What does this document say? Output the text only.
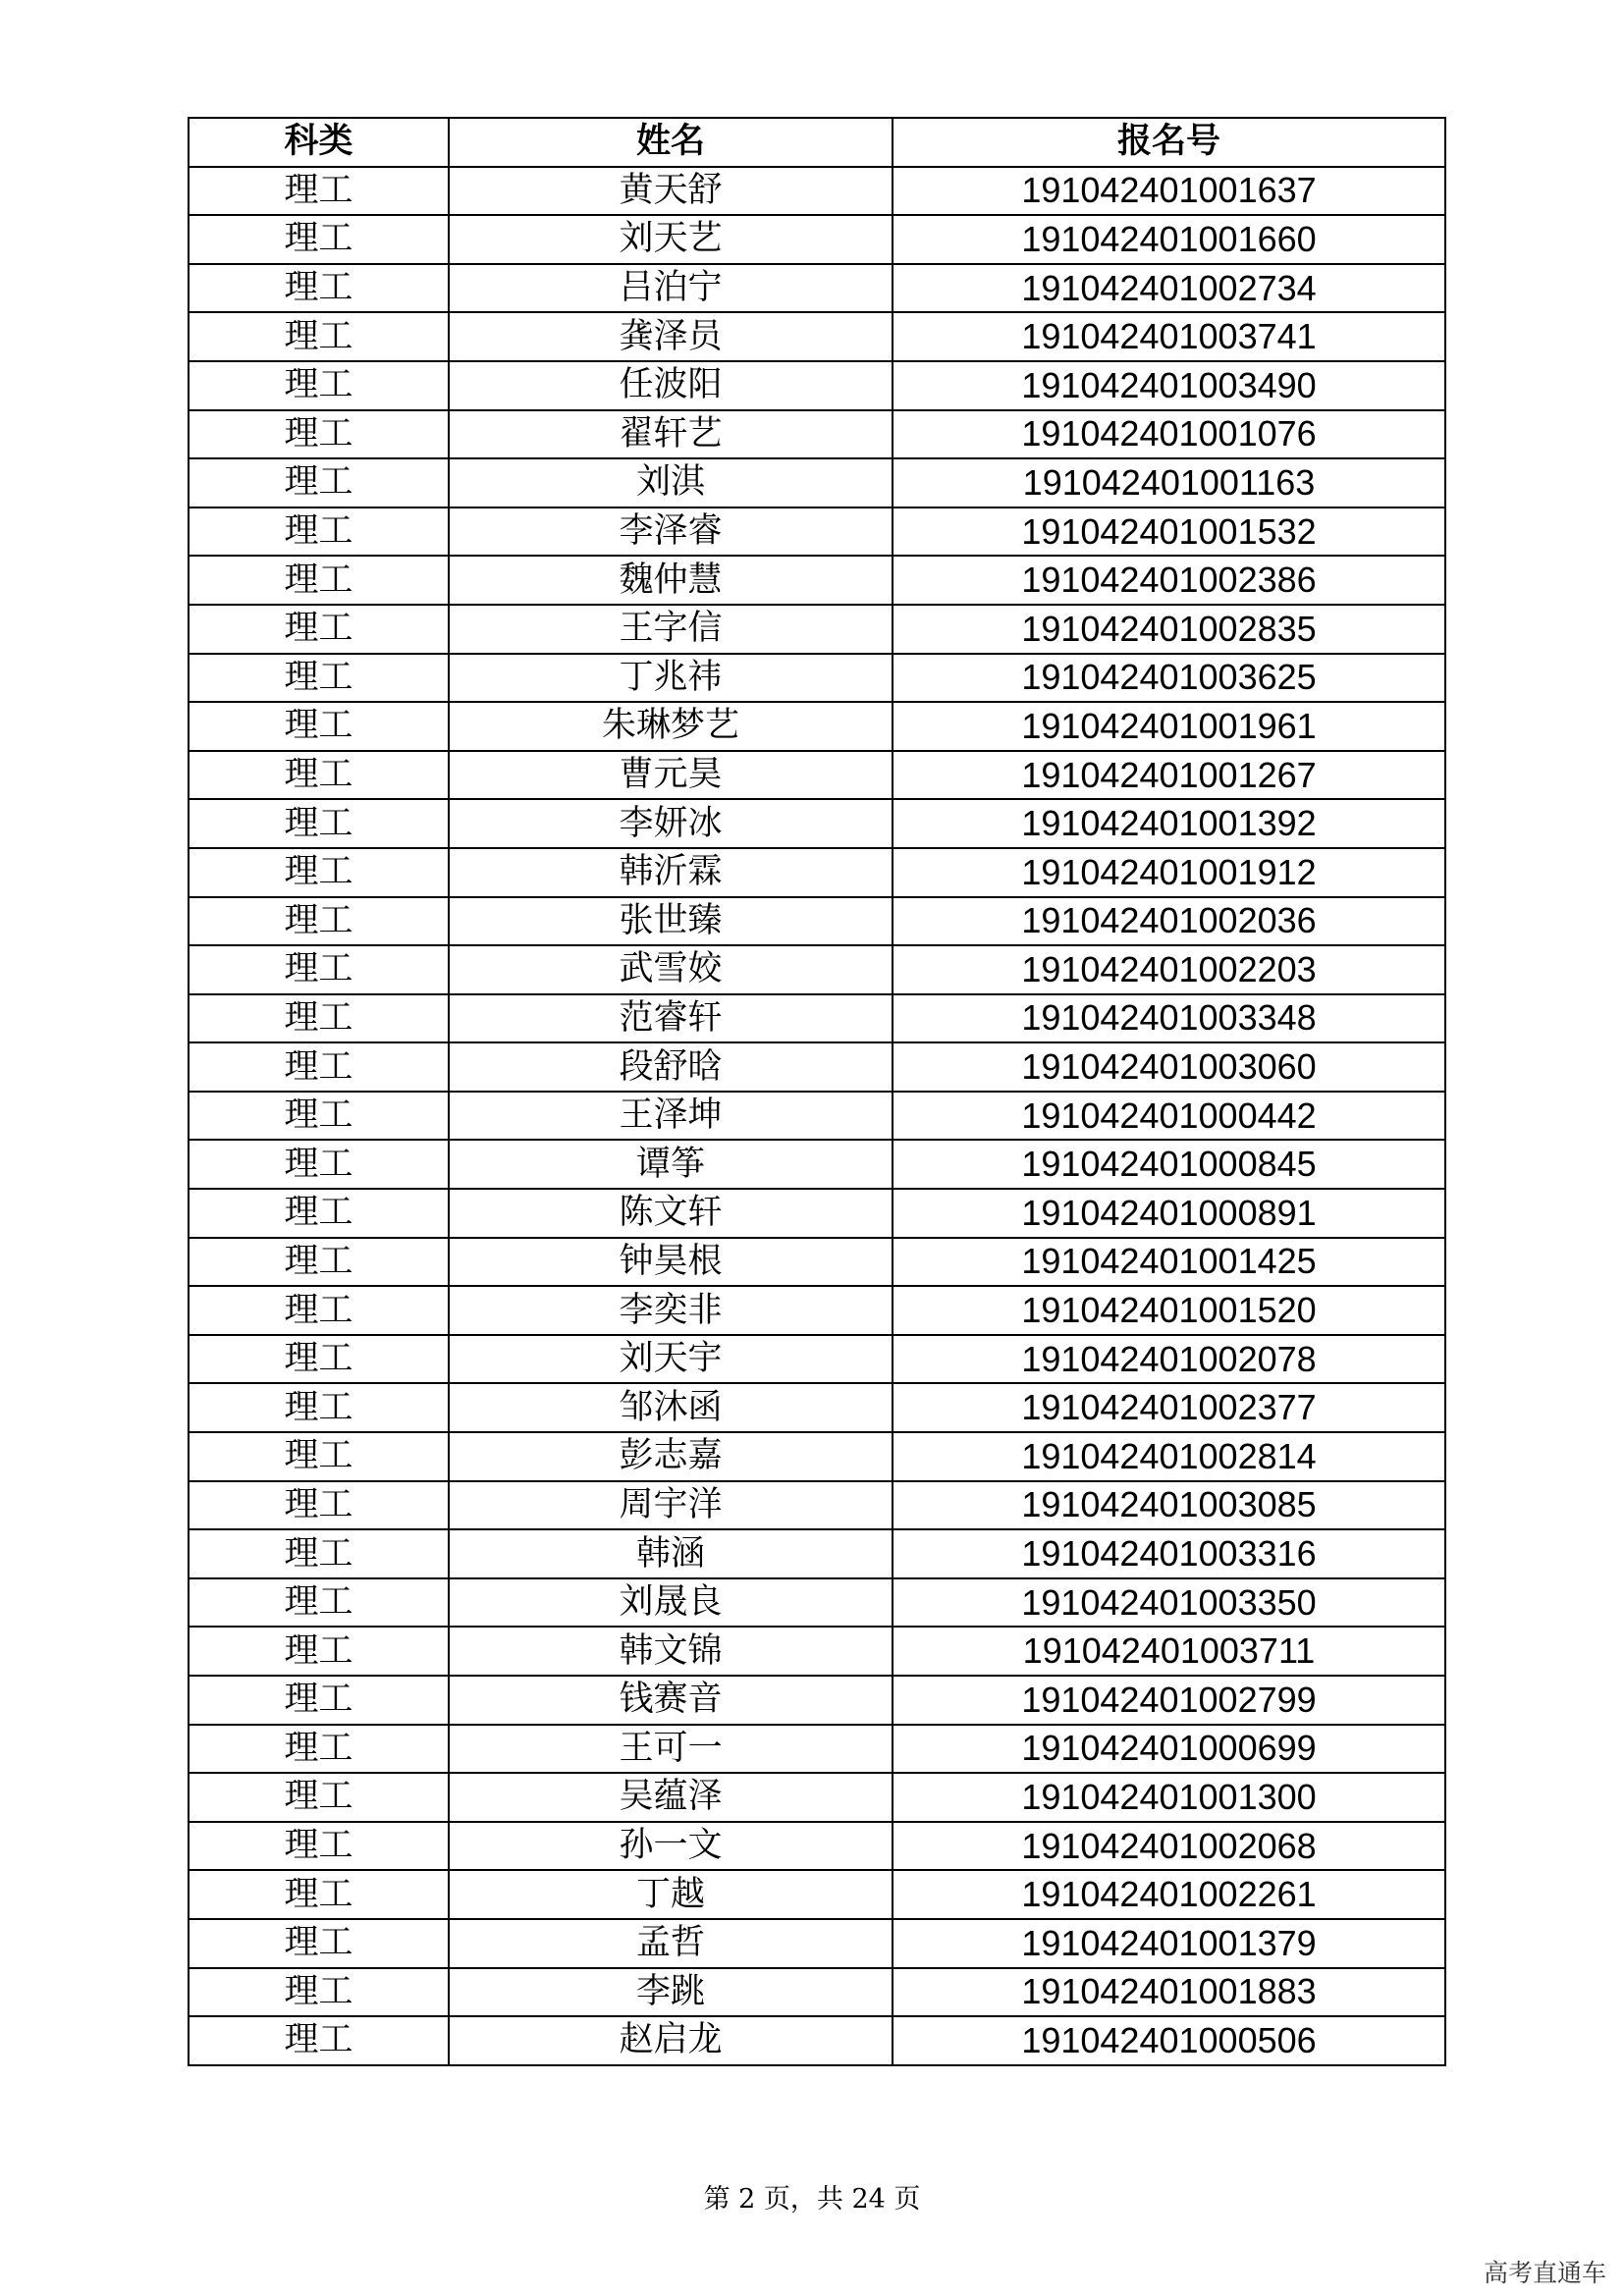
科类	姓名	报名号
理工	黄天舒	191042401001637
理工	刘天艺	191042401001660
理工	吕泊宁	191042401002734
理工	龚泽员	191042401003741
理工	任波阳	191042401003490
理工	翟轩艺	191042401001076
理工	刘淇	191042401001163
理工	李泽睿	191042401001532
理工	魏仲慧	191042401002386
理工	王字信	191042401002835
理工	丁兆祎	191042401003625
理工	朱琳梦艺	191042401001961
理工	曹元昊	191042401001267
理工	李妍冰	191042401001392
理工	韩沂霖	191042401001912
理工	张世臻	191042401002036
理工	武雪姣	191042401002203
理工	范睿轩	191042401003348
理工	段舒晗	191042401003060
理工	王泽坤	191042401000442
理工	谭筝	191042401000845
理工	陈文轩	191042401000891
理工	钟昊根	191042401001425
理工	李奕非	191042401001520
理工	刘天宇	191042401002078
理工	邹沐函	191042401002377
理工	彭志嘉	191042401002814
理工	周宇洋	191042401003085
理工	韩涵	191042401003316
理工	刘晟良	191042401003350
理工	韩文锦	191042401003711
理工	钱赛音	191042401002799
理工	王可一	191042401000699
理工	吴蕴泽	191042401001300
理工	孙一文	191042401002068
理工	丁越	191042401002261
理工	孟哲	191042401001379
理工	李跳	191042401001883
理工	赵启龙	191042401000506
第 2 页，共 24 页
高考直通车
